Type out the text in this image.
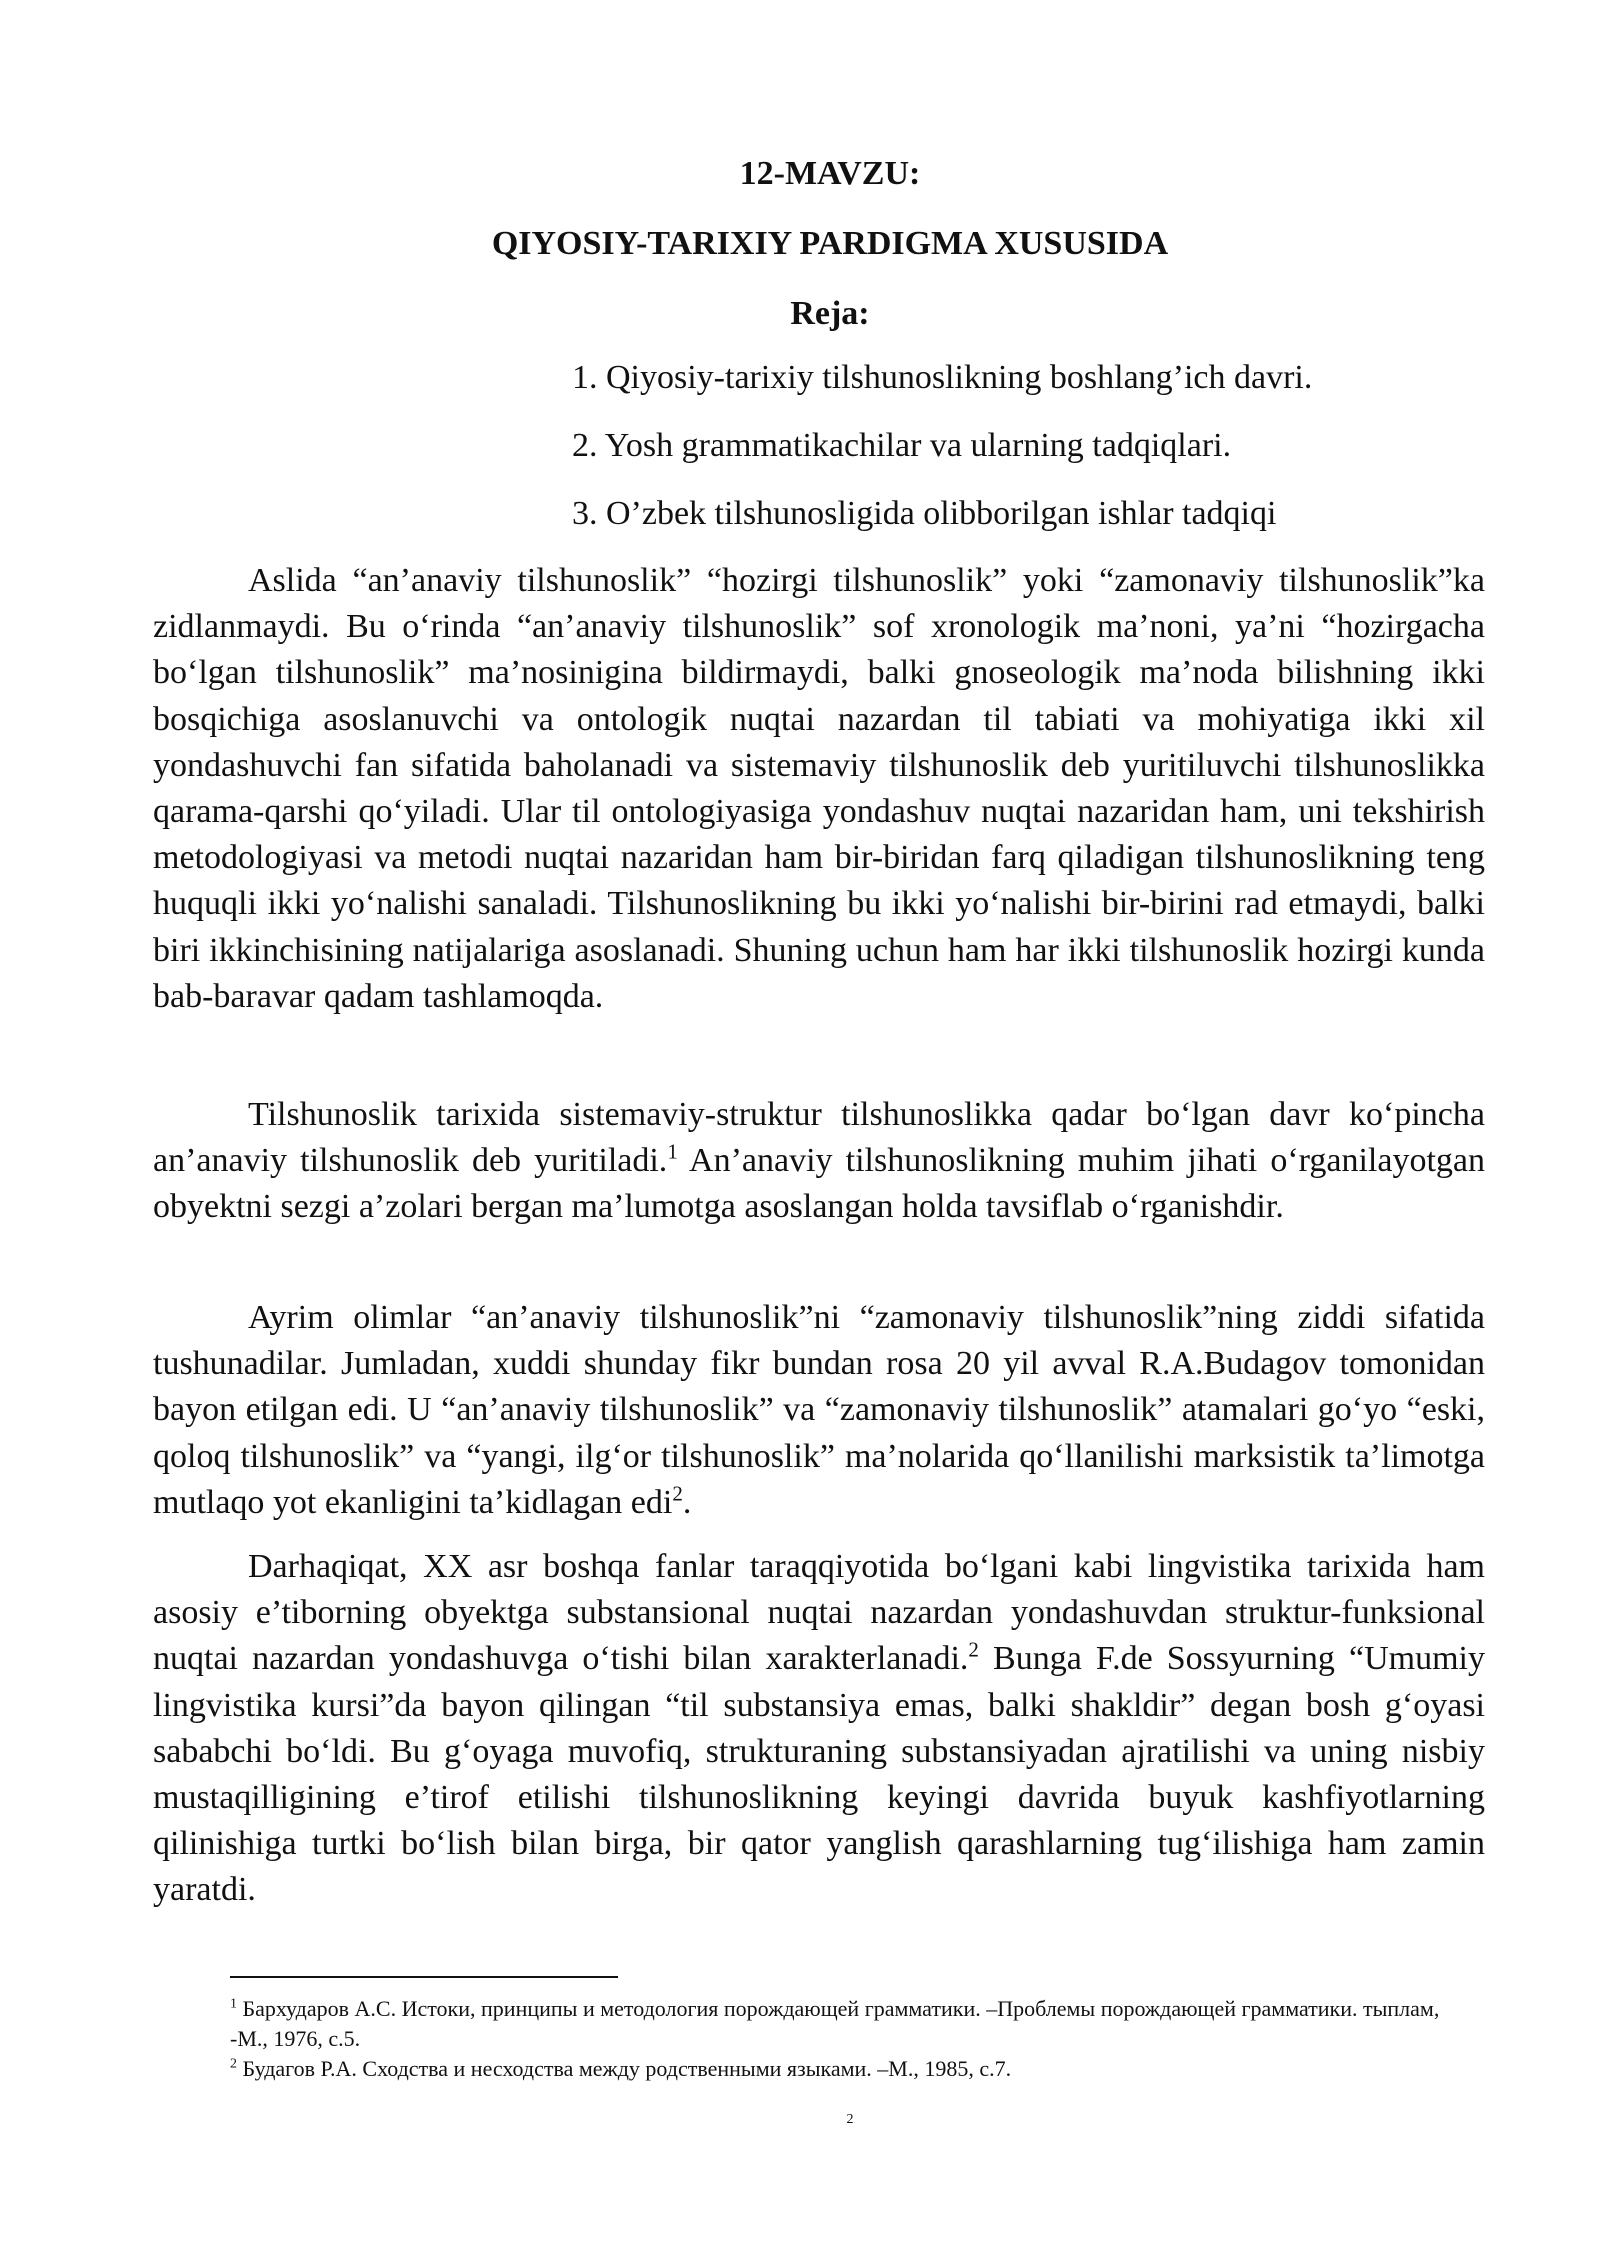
12-MAVZU:
QIYOSIY-TARIXIY PARDIGMA XUSUSIDA
Reja:
1. Qiyosiy-tarixiy tilshunoslikning boshlang’ich davri.
2. Yosh grammatikachilar va ularning tadqiqlari.
3. O’zbek tilshunosligida olibborilgan ishlar tadqiqi

Aslida “an’anaviy tilshunoslik” “hozirgi tilshunoslik” yoki “zamonaviy tilshunoslik”ka zidlanmaydi. Bu o‘rinda “an’anaviy tilshunoslik” sof xronologik ma’noni, ya’ni “hozirgacha bo‘lgan tilshunoslik” ma’nosinigina bildirmaydi, balki gnoseologik ma’noda bilishning ikki bosqichiga asoslanuvchi va ontologik nuqtai nazardan til tabiati va mohiyatiga ikki xil yondashuvchi fan sifatida baholanadi va sistemaviy tilshunoslik deb yuritiluvchi tilshunoslikka qarama-qarshi qo‘yiladi. Ular til ontologiyasiga yondashuv nuqtai nazaridan ham, uni tekshirish metodologiyasi va metodi nuqtai nazaridan ham bir-biridan farq qiladigan tilshunoslikning teng huquqli ikki yo‘nalishi sanaladi. Tilshunoslikning bu ikki yo‘nalishi bir-birini rad etmaydi, balki biri ikkinchisining natijalariga asoslanadi. Shuning uchun ham har ikki tilshunoslik hozirgi kunda bab-baravar qadam tashlamoqda.

Tilshunoslik tarixida sistemaviy-struktur tilshunoslikka qadar bo‘lgan davr ko‘pincha an’anaviy tilshunoslik deb yuritiladi.$^1$ An’anaviy tilshunoslikning muhim jihati o‘rganilayotgan obyektni sezgi a’zolari bergan ma’lumotga asoslangan holda tavsiflab o‘rganishdir.

Ayrim olimlar “an’anaviy tilshunoslik”ni “zamonaviy tilshunoslik”ning ziddi sifatida tushunadilar. Jumladan, xuddi shunday fikr bundan rosa 20 yil avval R.A.Budagov tomonidan bayon etilgan edi. U “an’anaviy tilshunoslik” va “zamonaviy tilshunoslik” atamalari go‘yo “eski, qoloq tilshunoslik” va “yangi, ilg‘or tilshunoslik” ma’nolarida qo‘llanilishi marksistik ta’limotga mutlaqo yot ekanligini ta’kidlagan edi$^2$.

Darhaqiqat, XX asr boshqa fanlar taraqqiyotida bo‘lgani kabi lingvistika tarixida ham asosiy e’tiborning obyektga substansional nuqtai nazardan yondashuvdan struktur-funksional nuqtai nazardan yondashuvga o‘tishi bilan xarakterlanadi.$^2$ Bunga F.de Sossyurning “Umumiy lingvistika kursi”da bayon qilingan “til substansiya emas, balki shakldir” degan bosh g‘oyasi sababchi bo‘ldi. Bu g‘oyaga muvofiq, strukturaning substansiyadan ajratilishi va uning nisbiy mustaqilligining e’tirof etilishi tilshunoslikning keyingi davrida buyuk kashfiyotlarning qilinishiga turtki bo‘lish bilan birga, bir qator yanglish qarashlarning tug‘ilishiga ham zamin yaratdi.

$^1$ Бархударов А.С. Истоки, принципы и методология порождающей грамматики. –Проблемы порождающей грамматики. тыплам, -М., 1976, с.5.

$^2$ Будагов Р.А. Сходства и несходства между родственными языками. –М., 1985, с.7.

2
